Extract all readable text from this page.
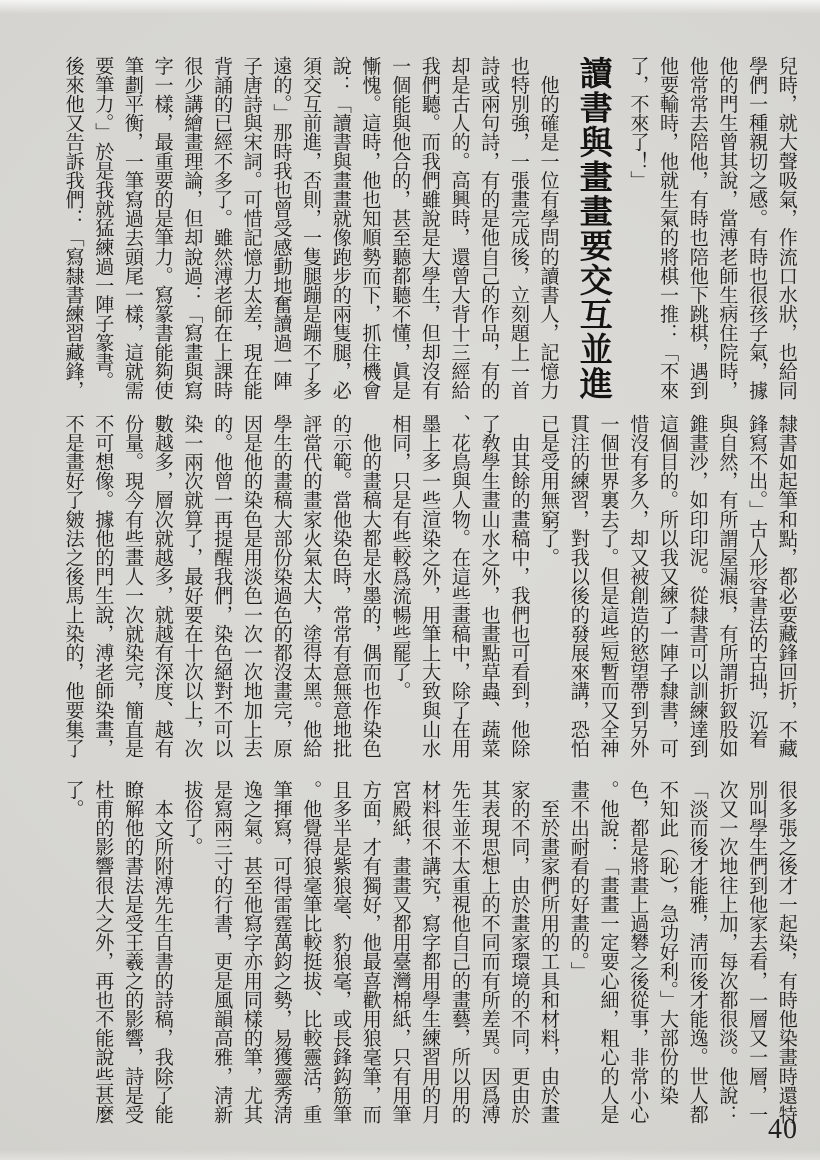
兒時，就大聲吸氣，作流口水狀，也給同
學們一種親切之感。有時也很孩子氣，據
他的門生曾其說，當溥老師生病住院時，
他常常去陪他，有時也陪他下跳棋，遇到
他要輸時，他就生氣的將棋一推：「不來
了，不來了！」
讀書與畫畫要交互並進
　他的確是一位有學問的讀書人，記憶力
也特別強，一張畫完成後，立刻題上一首
詩或兩句詩，有的是他自己的作品，有的
却是古人的。高興時，還曾大背十三經給
我們聽。而我們雖說是大學生，但却沒有
一個能與他合的，甚至聽都聽不懂，眞是
慚愧。這時，他也知順勢而下，抓住機會
說：「讀書與畫畫就像跑步的兩隻腿，必
須交互前進，否則，一隻腿蹦是蹦不了多
遠的。」那時我也曾受感動地奮讀過一陣
子唐詩與宋詞。可惜記憶力太差，現在能
背誦的已經不多了。雖然溥老師在上課時
很少講繪畫理論，但却說過：「寫畫與寫
字一樣，最重要的是筆力。寫篆書能夠使
筆劃平衡，一筆寫過去頭尾一樣，這就需
要筆力。」於是我就猛練過一陣子篆書。
後來他又告訴我們：「寫隸書練習藏鋒，
隸書如起筆和點，都必要藏鋒回折，不藏
鋒寫不出。」古人形容書法的古拙，沉着
與自然，有所謂屋漏痕，有所謂折釵股如
錐畫沙，如印印泥。從隸書可以訓練達到
這個目的。所以我又練了一陣子隸書，可
惜沒有多久，却又被創造的慾望帶到另外
一個世界裏去了。但是這些短暫而又全神
貫注的練習，對我以後的發展來講，恐怕
已是受用無窮了。
　由其餘的畫稿中，我們也可看到，他除
了敎學生畫山水之外，也畫點草蟲、蔬菜
、花鳥與人物。在這些畫稿中，除了在用
墨上多一些渲染之外，用筆上大致與山水
相同，只是有些較爲流暢些罷了。
　他的畫稿大都是水墨的，偶而也作染色
的示範。當他染色時，常常有意無意地批
評當代的畫家火氣太大，塗得太黑。他給
學生的畫稿大部份染過色的都沒畫完，原
因是他的染色是用淡色一次一次地加上去
的。他曾一再提醒我們，染色絕對不可以
染一兩次就算了，最好要在十次以上，次
數越多，層次就越多，就越有深度、越有
份量。現今有些畫人一次就染完，簡直是
不可想像。據他的門生說，溥老師染畫，
不是畫好了皴法之後馬上染的，他要集了
很多張之後才一起染，有時他染畫時還特
別叫學生們到他家去看，一層又一層，一
次又一次地往上加，每次都很淡。他說：
「淡而後才能雅，淸而後才能逸。世人都
不知此（恥），急功好利。」大部份的染
色，都是將畫上過礬之後從事，非常小心
。他說：「畫畫一定要心細，粗心的人是
畫不出耐看的好畫的。」
　至於畫家們所用的工具和材料，由於畫
家的不同，由於畫家環境的不同，更由於
其表現思想上的不同而有所差異。因爲溥
先生並不太重視他自己的畫藝，所以用的
材料很不講究，寫字都用學生練習用的月
宮殿紙，畫畫又都用臺灣棉紙，只有用筆
方面，才有獨好，他最喜歡用狼毫筆，而
且多半是紫狼毫、豹狼毫，或長鋒鈎筋筆
。他覺得狼毫筆比較挺拔、比較靈活，重
筆揮寫，可得雷霆萬鈞之勢，易獲靈秀淸
逸之氣。甚至他寫字亦用同樣的筆，尤其
是寫兩三寸的行書，更是風韻高雅，淸新
拔俗了。
　本文所附溥先生自書的詩稿，我除了能
瞭解他的書法是受王羲之的影響，詩是受
杜甫的影響很大之外，再也不能說些甚麼
了。
40
